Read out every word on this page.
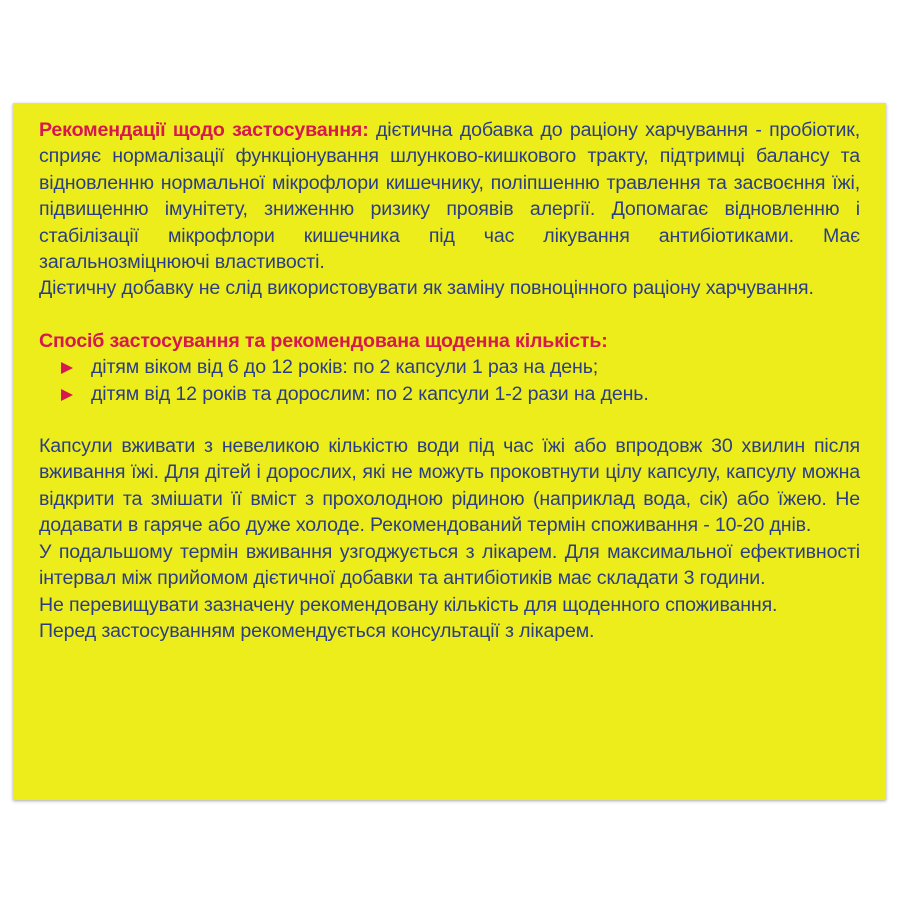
Рекомендації щодо застосування: дієтична добавка до раціону харчування - пробіотик, сприяє нормалізації функціонування шлунково-кишкового тракту, підтримці балансу та відновленню нормальної мікрофлори кишечнику, поліпшенню травлення та засвоєння їжі, підвищенню імунітету, зниженню ризику проявів алергії. Допомагає відновленню і стабілізації мікрофлори кишечника під час лікування антибіотиками. Має загальнозміцнюючі властивості.

Дієтичну добавку не слід використовувати як заміну повноцінного раціону харчування.

Спосіб застосування та рекомендована щоденна кількість:

дітям віком від 6 до 12 років: по 2 капсули 1 раз на день;
дітям від 12 років та дорослим: по 2 капсули 1-2 рази на день.

Капсули вживати з невеликою кількістю води під час їжі або впродовж 30 хвилин після вживання їжі. Для дітей і дорослих, які не можуть проковтнути цілу капсулу, капсулу можна відкрити та змішати її вміст з прохолодною рідиною (наприклад вода, сік) або їжею. Не додавати в гаряче або дуже холоде. Рекомендований термін споживання - 10-20 днів.

У подальшому термін вживання узгоджується з лікарем. Для максимальної ефективності інтервал між прийомом дієтичної добавки та антибіотиків має складати 3 години.

Не перевищувати зазначену рекомендовану кількість для щоденного споживання.

Перед застосуванням рекомендується консультації з лікарем.
